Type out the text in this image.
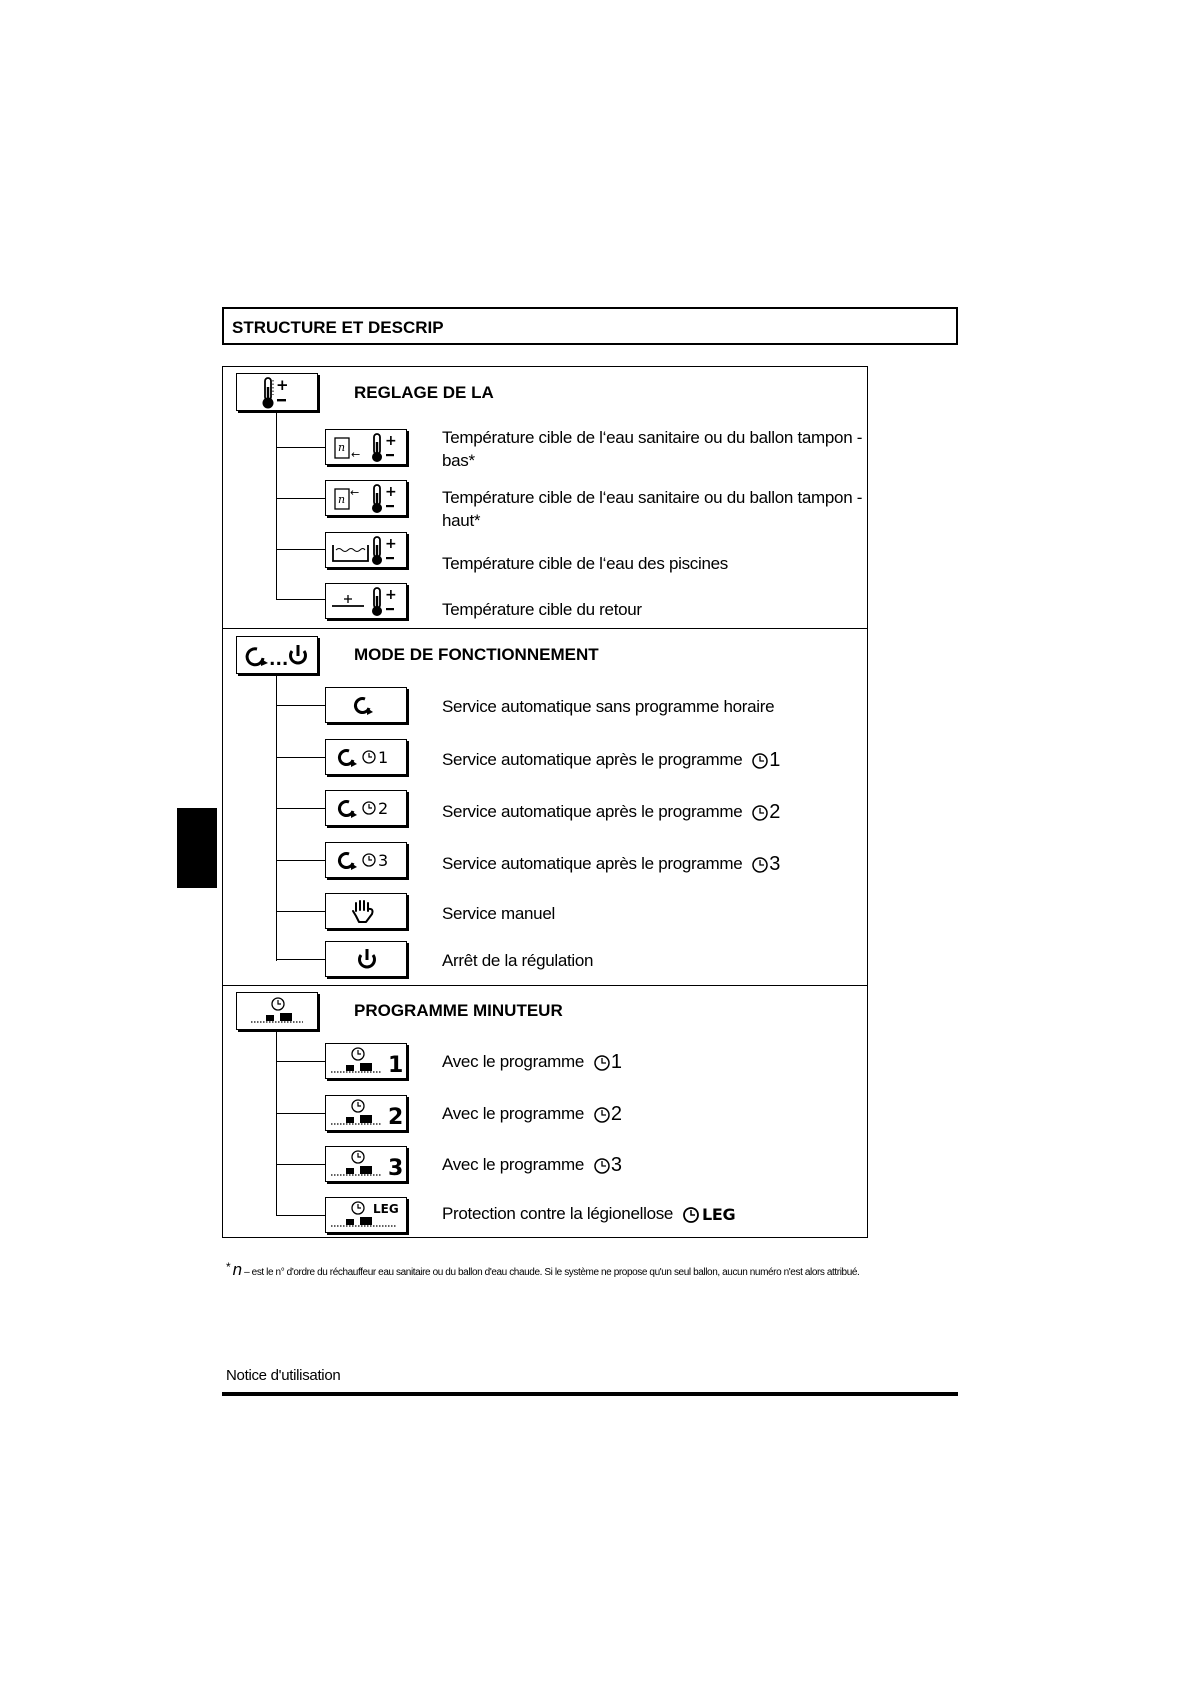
STRUCTURE ET DESCRIP
+	REGLAGE DE LA
n
←
+	Température cible de l‘eau sanitaire ou du ballon tampon - bas*
n
← +	Température cible de l‘eau sanitaire ou du ballon tampon - haut*
+
Température cible de l‘eau des piscines
+
Température cible du retour
...	MODE DE FONCTIONNEMENT
Service automatique sans programme horaire
1	Service automatique après le programme 1
2	Service automatique après le programme 2
3	Service automatique après le programme 3
Service manuel
Arrêt de la régulation
PROGRAMME MINUTEUR
1 Avec le programme 1
2 Avec le programme 2
3 Avec le programme 3
LEG	Protection contre la légionellose LEG
* n – est le n° d'ordre du réchauffeur eau sanitaire ou du ballon d'eau chaude. Si le système ne propose qu'un seul ballon, aucun numéro n'est alors attribué.
Notice d'utilisation
